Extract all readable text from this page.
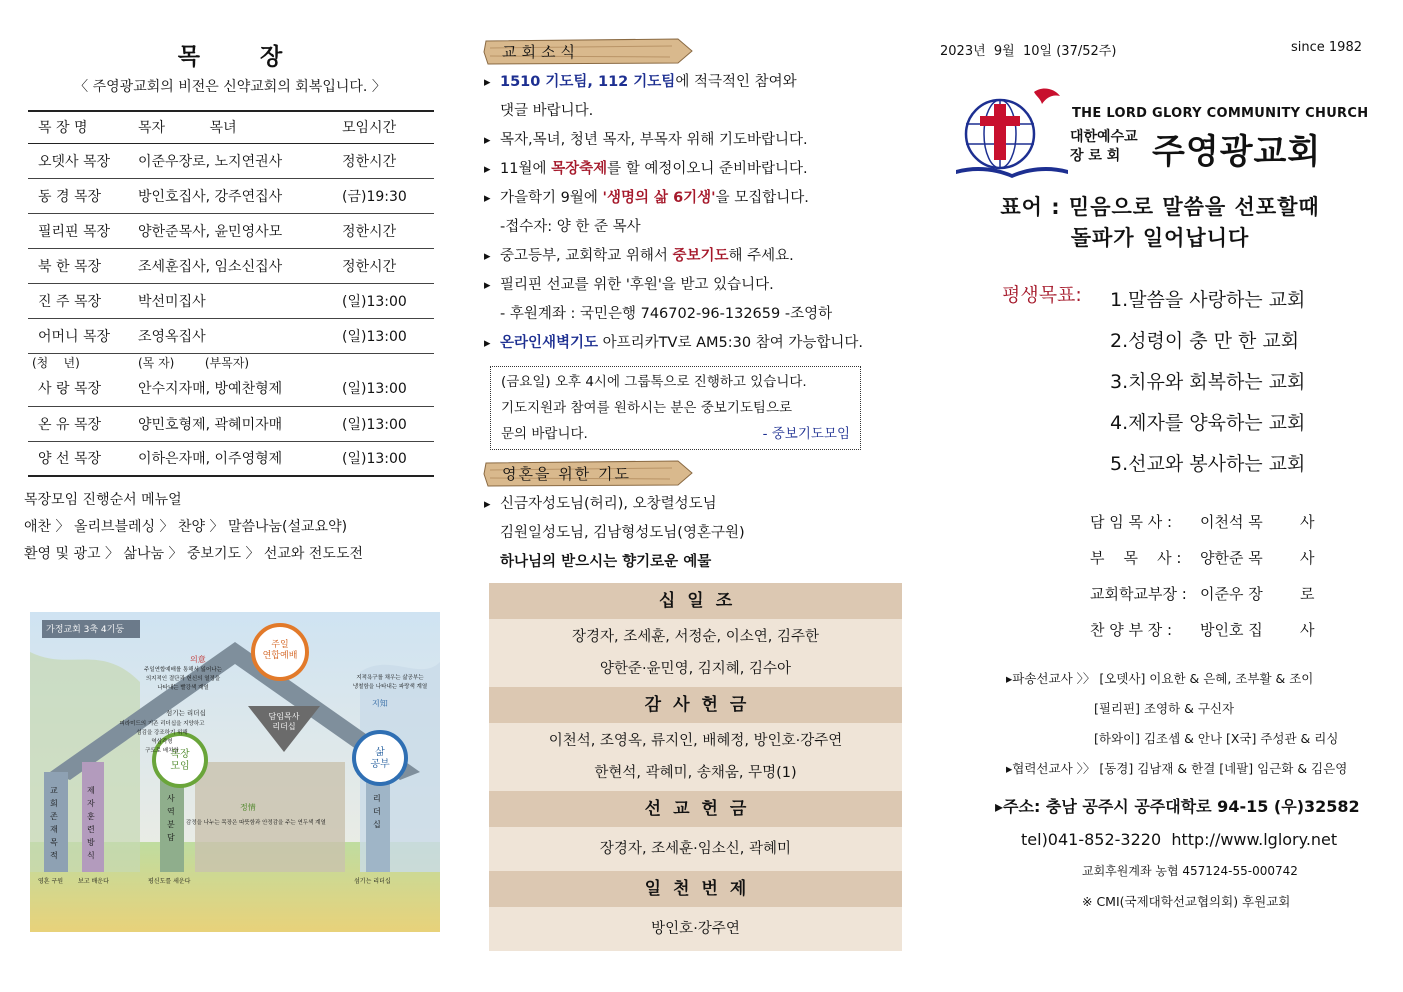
목 장
〈 주영광교회의 비전은 신약교회의 회복입니다. 〉
목 장 명	목자          목녀	모임시간
오뎃사 목장	이준우장로, 노지연권사	정한시간
동 경 목장	방인호집사, 강주연집사	(금)19:30
필리핀 목장	양한준목사, 윤민영사모	정한시간
북 한 목장	조세훈집사, 임소신집사	정한시간
진 주 목장	박선미집사	(일)13:00
어머니 목장	조영옥집사	(일)13:00
(청    년)	(목 자)        (부목자)	
사 랑 목장	안수지자매, 방예찬형제	(일)13:00
온 유 목장	양민호형제, 곽혜미자매	(일)13:00
양 선 목장	이하은자매, 이주영형제	(일)13:00
목장모임 진행순서 메뉴얼
애찬 〉 올리브블레싱 〉 찬양 〉 말씀나눔(설교요약)
환영 및 광고 〉 삶나눔 〉 중보기도 〉 선교와 전도도전
가정교회 3축 4기둥
주일
연합예배
목장
모임
삶
공부
담임목사
리더십
의意
지知
정情
주일연합예배를 통해서 잃어나는
의지적인 결단과 헌신의 열정을
나타내는 빨강색 계열
지적욕구를 채우는 삶공부는
냉철함을 나타내는 파랑색 계열
섬기는 리더십
피라미드의 기존 리더십을 지양하고
섬김을 강조하기 위해
역삼각형
구도로 배치함
감정을 나누는 목장은 따뜻함과 안정감을 주는 연두색 계열
교회존재목적
제자훈련방식
사역분담
리더십
영혼 구원 보고 배운다	평신도를 세운다	섬기는 리더십
교회소식
▸ 1510 기도팀, 112 기도팀에 적극적인 참여와
댓글 바랍니다.
▸ 목자,목녀, 청년 목자, 부목자 위해 기도바랍니다.
▸ 11월에 목장축제를 할 예정이오니 준비바랍니다.
▸ 가을학기 9월에 '생명의 삶 6기생'을 모집합니다.
-접수자: 양 한 준 목사
▸ 중고등부, 교회학교 위해서 중보기도해 주세요.
▸ 필리핀 선교를 위한 '후원'을 받고 있습니다.
- 후원계좌 : 국민은행 746702-96-132659 -조영하
▸ 온라인새벽기도 아프리카TV로 AM5:30 참여 가능합니다.
(금요일) 오후 4시에 그룹톡으로 진행하고 있습니다.
기도지원과 참여를 원하시는 분은 중보기도팀으로
문의 바랍니다.	- 중보기도모임
영혼을 위한 기도
▸ 신금자성도님(허리), 오창렬성도님
김원일성도님, 김남형성도님(영혼구원)
하나님의 받으시는 향기로운 예물
십일조
장경자, 조세훈, 서정순, 이소연, 김주한
양한준·윤민영, 김지혜, 김수아
감사헌금
이천석, 조영옥, 류지인, 배혜정, 방인호·강주연
한현석, 곽혜미, 송채움, 무명(1)
선교헌금
장경자, 조세훈·임소신, 곽혜미
일천번제
방인호·강주연
2023년  9월  10일 (37/52주)	since 1982
THE LORD GLORY COMMUNITY CHURCH
대한예수교
장 로 회 주영광교회
표어 : 믿음으로 말씀을 선포할때
돌파가 일어납니다
평생목표: 1.말씀을 사랑하는 교회
2.성령이 충 만 한 교회
3.치유와 회복하는 교회
4.제자를 양육하는 교회
5.선교와 봉사하는 교회
담 임 목 사 :	이천석 목	사
부    목    사 :	양한준 목	사
교회학교부장 : 이준우 장	로
찬 양 부 장 :	방인호 집	사
▸파송선교사 〉〉 [오뎃사] 이요한 & 은혜, 조부활 & 조이
[필리핀] 조영하 & 구신자
[하와이] 김조셉 & 안나 [X국] 주성관 & 리싱
▸협력선교사 〉〉 [동경] 김남재 & 한결 [네팔] 임근화 & 김은영
▸주소: 충남 공주시 공주대학로 94-15 (우)32582
tel)041-852-3220  http://www.lglory.net
교회후원계좌 농협 457124-55-000742
※ CMI(국제대학선교협의회) 후원교회
